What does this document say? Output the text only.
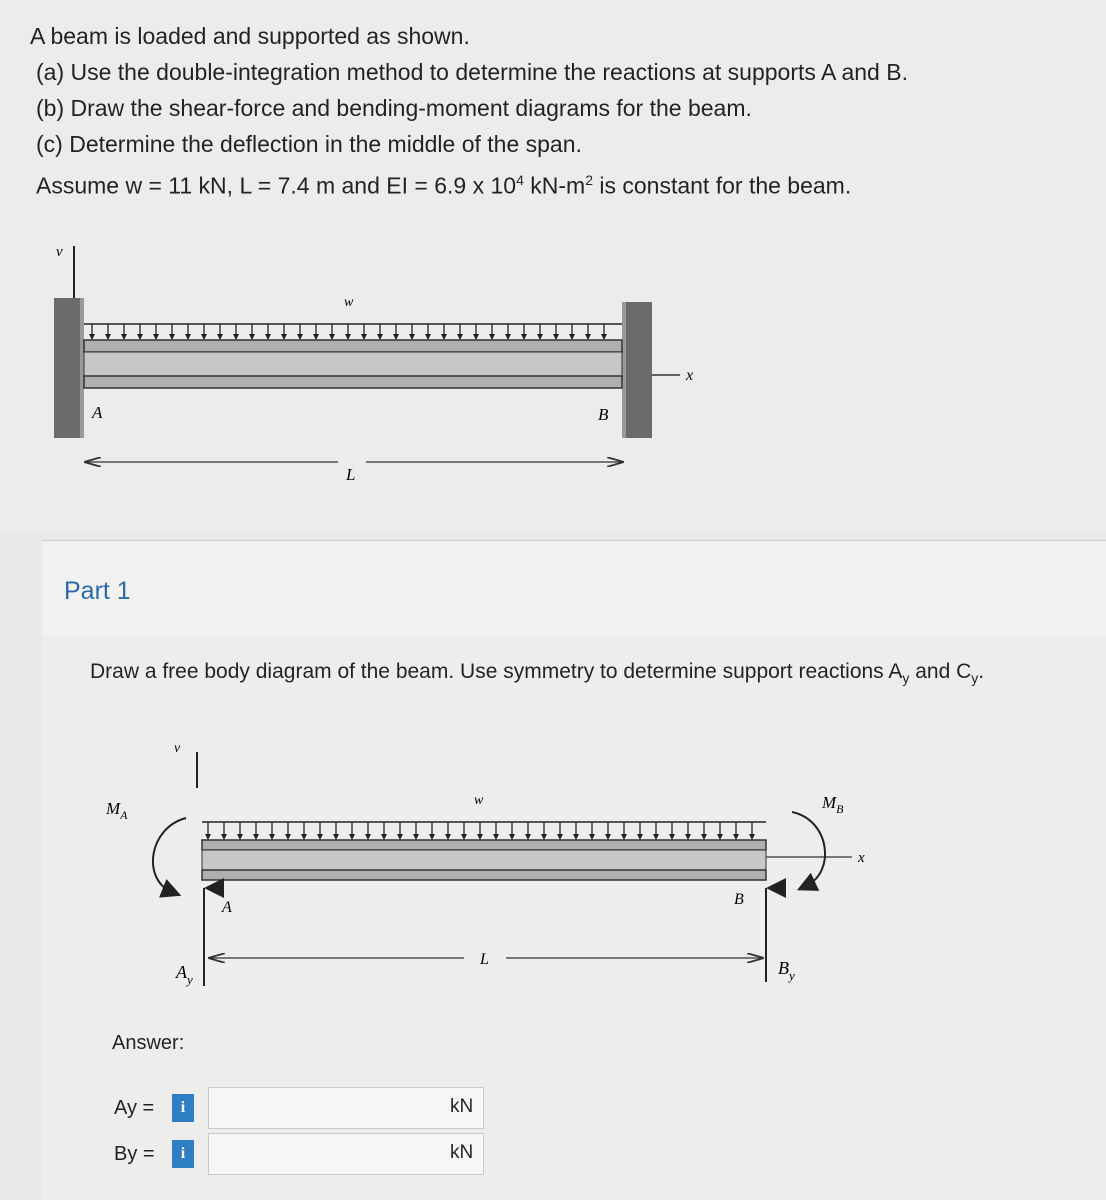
A beam is loaded and supported as shown.
(a) Use the double-integration method to determine the reactions at supports A and B.
(b) Draw the shear-force and bending-moment diagrams for the beam.
(c) Determine the deflection in the middle of the span.
Assume w = 11 kN, L = 7.4 m and EI = 6.9 x $10^4$ $kN-m^2$ is constant for the beam.
v
w
x
A	B
L
Part 1
Draw a free body diagram of the beam. Use symmetry to determine support reactions $A_y$ and $C_y$.
v
w
x
$M_A$
$M_B$
$A_y$
A
$B_y$
B
L
Answer:
Ay =	i	kN
By =	i	kN
